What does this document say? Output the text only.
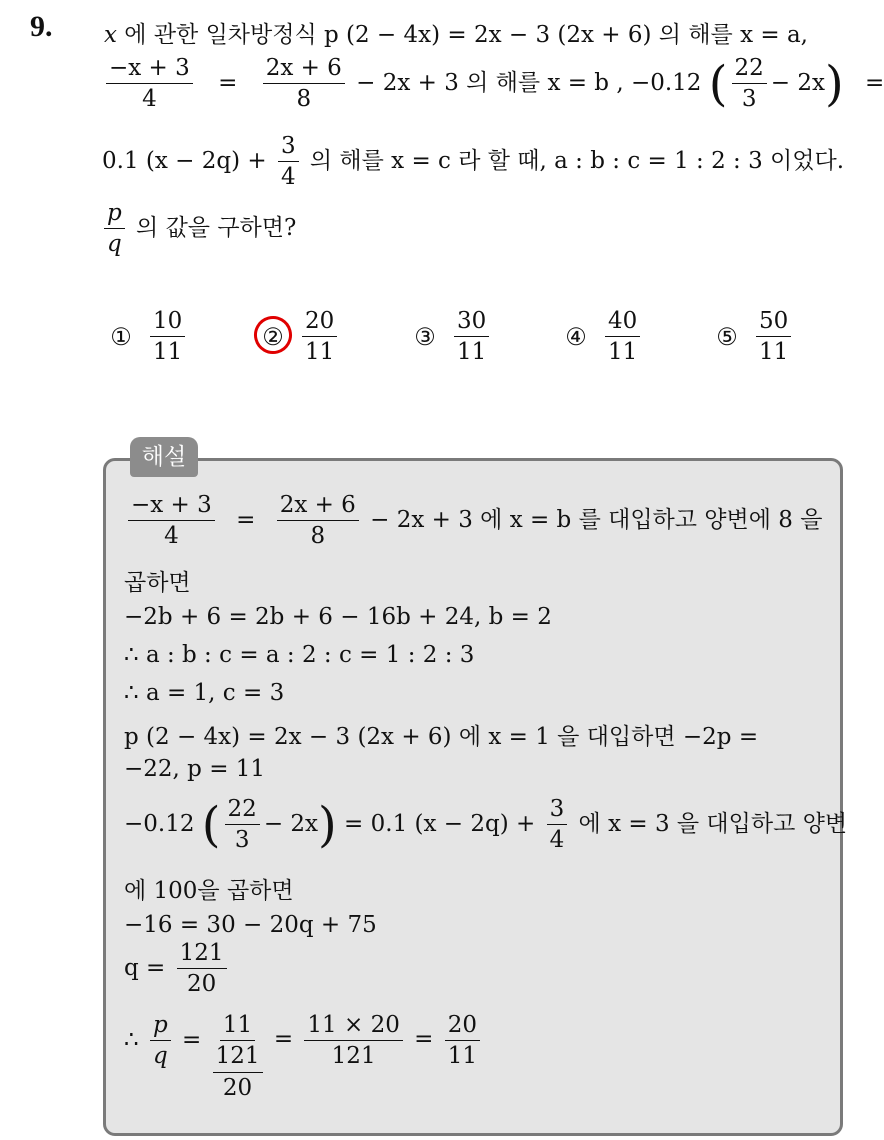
9. x 에 관한 일차방정식 p (2 − 4x) = 2x − 3 (2x + 6) 의 해를 x = a,
$\frac{-x + 3}{4} = \frac{2x + 6}{8} - 2x + 3$ 의 해를 x = b , −0.12 ( $\frac{22}{3} - 2x$) =
0.1 $(x - 2q) + \frac{3}{4}$ 의 해를 x = c 라 할 때, a : b : c = 1 : 2 : 3 이었다.
$\frac{p}{q}$ 의 값을 구하면?
① $\frac{10}{11}$	② $\frac{20}{11}$	③ $\frac{30}{11}$	④ $\frac{40}{11}$	⑤ $\frac{50}{11}$
해설
$\frac{-x + 3}{4} = \frac{2x + 6}{8} - 2x + 3$ 에 x = b 를 대입하고 양변에 8 을
곱하면
−2b + 6 = 2b + 6 − 16b + 24, b = 2
∴ a : b : c = a : 2 : c = 1 : 2 : 3
∴ a = 1, c = 3
p (2 − 4x) = 2x − 3 (2x + 6) 에 x = 1 을 대입하면 −2p =
−22, p = 11
−0.12 ( $\frac{22}{3} - 2x) = 0.1$ $(x - 2q) + \frac{3}{4}$ 에 x = 3 을 대입하고 양변
에 100을 곱하면
−16 = 30 − 20q + 75
$q = \frac{121}{20}$
∴ $\frac{p}{q} = \frac{11}{\frac{121}{20}} = \frac{11 \times 20}{121} = \frac{20}{11}$
